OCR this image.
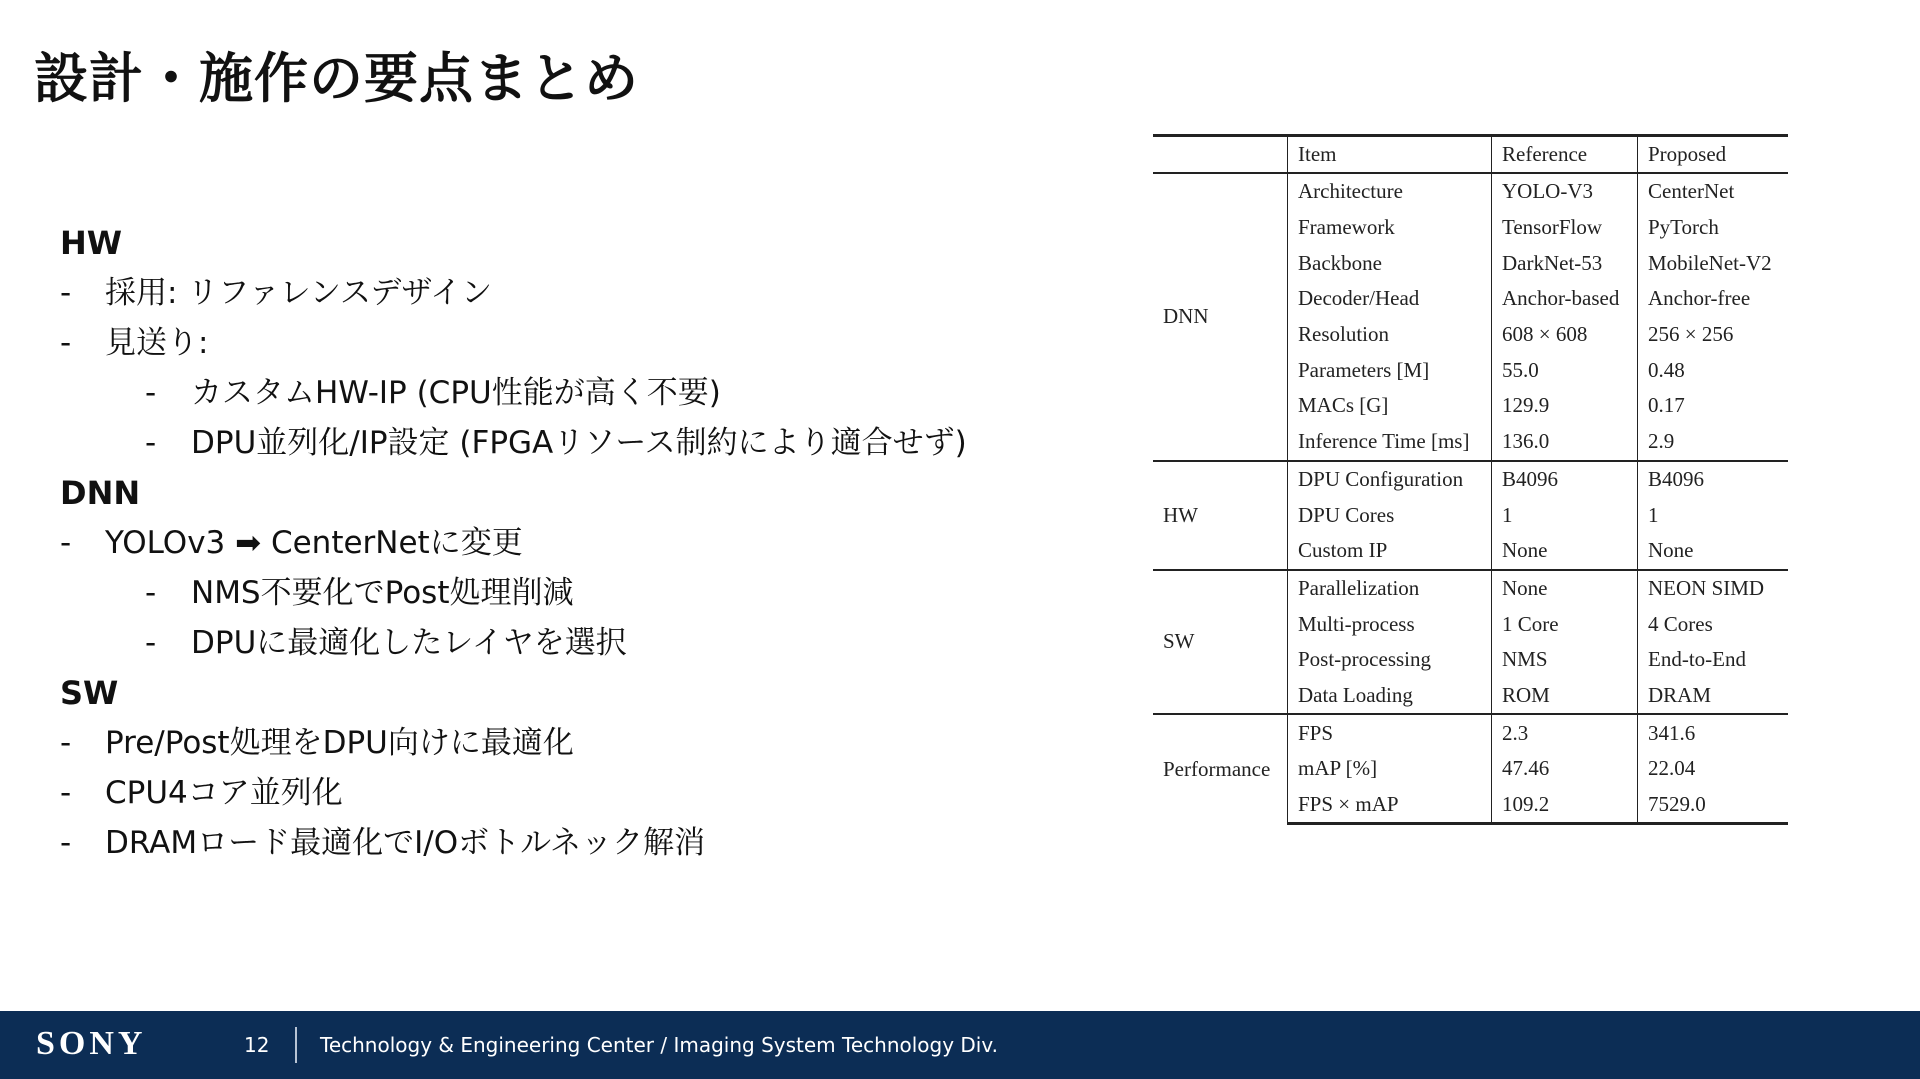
設計・施作の要点まとめ
HW
- 採用: リファレンスデザイン
- 見送り:
- カスタムHW-IP (CPU性能が高く不要)
- DPU並列化/IP設定 (FPGAリソース制約により適合せず)
DNN
- YOLOv3 ➡ CenterNetに変更
- NMS不要化でPost処理削減
- DPUに最適化したレイヤを選択
SW
- Pre/Post処理をDPU向けに最適化
- CPU4コア並列化
- DRAMロード最適化でI/Oボトルネック解消
	Item	Reference	Proposed
DNN	Architecture	YOLO-V3	CenterNet
	Framework	TensorFlow	PyTorch
	Backbone	DarkNet-53	MobileNet-V2
	Decoder/Head	Anchor-based	Anchor-free
	Resolution	608 × 608	256 × 256
	Parameters [M]	55.0	0.48
	MACs [G]	129.9	0.17
	Inference Time [ms]	136.0	2.9
HW	DPU Configuration	B4096	B4096
	DPU Cores	1	1
	Custom IP	None	None
SW	Parallelization	None	NEON SIMD
	Multi-process	1 Core	4 Cores
	Post-processing	NMS	End-to-End
	Data Loading	ROM	DRAM
Performance	FPS	2.3	341.6
	mAP [%]	47.46	22.04
	FPS × mAP	109.2	7529.0
SONY	12	Technology & Engineering Center / Imaging System Technology Div.
